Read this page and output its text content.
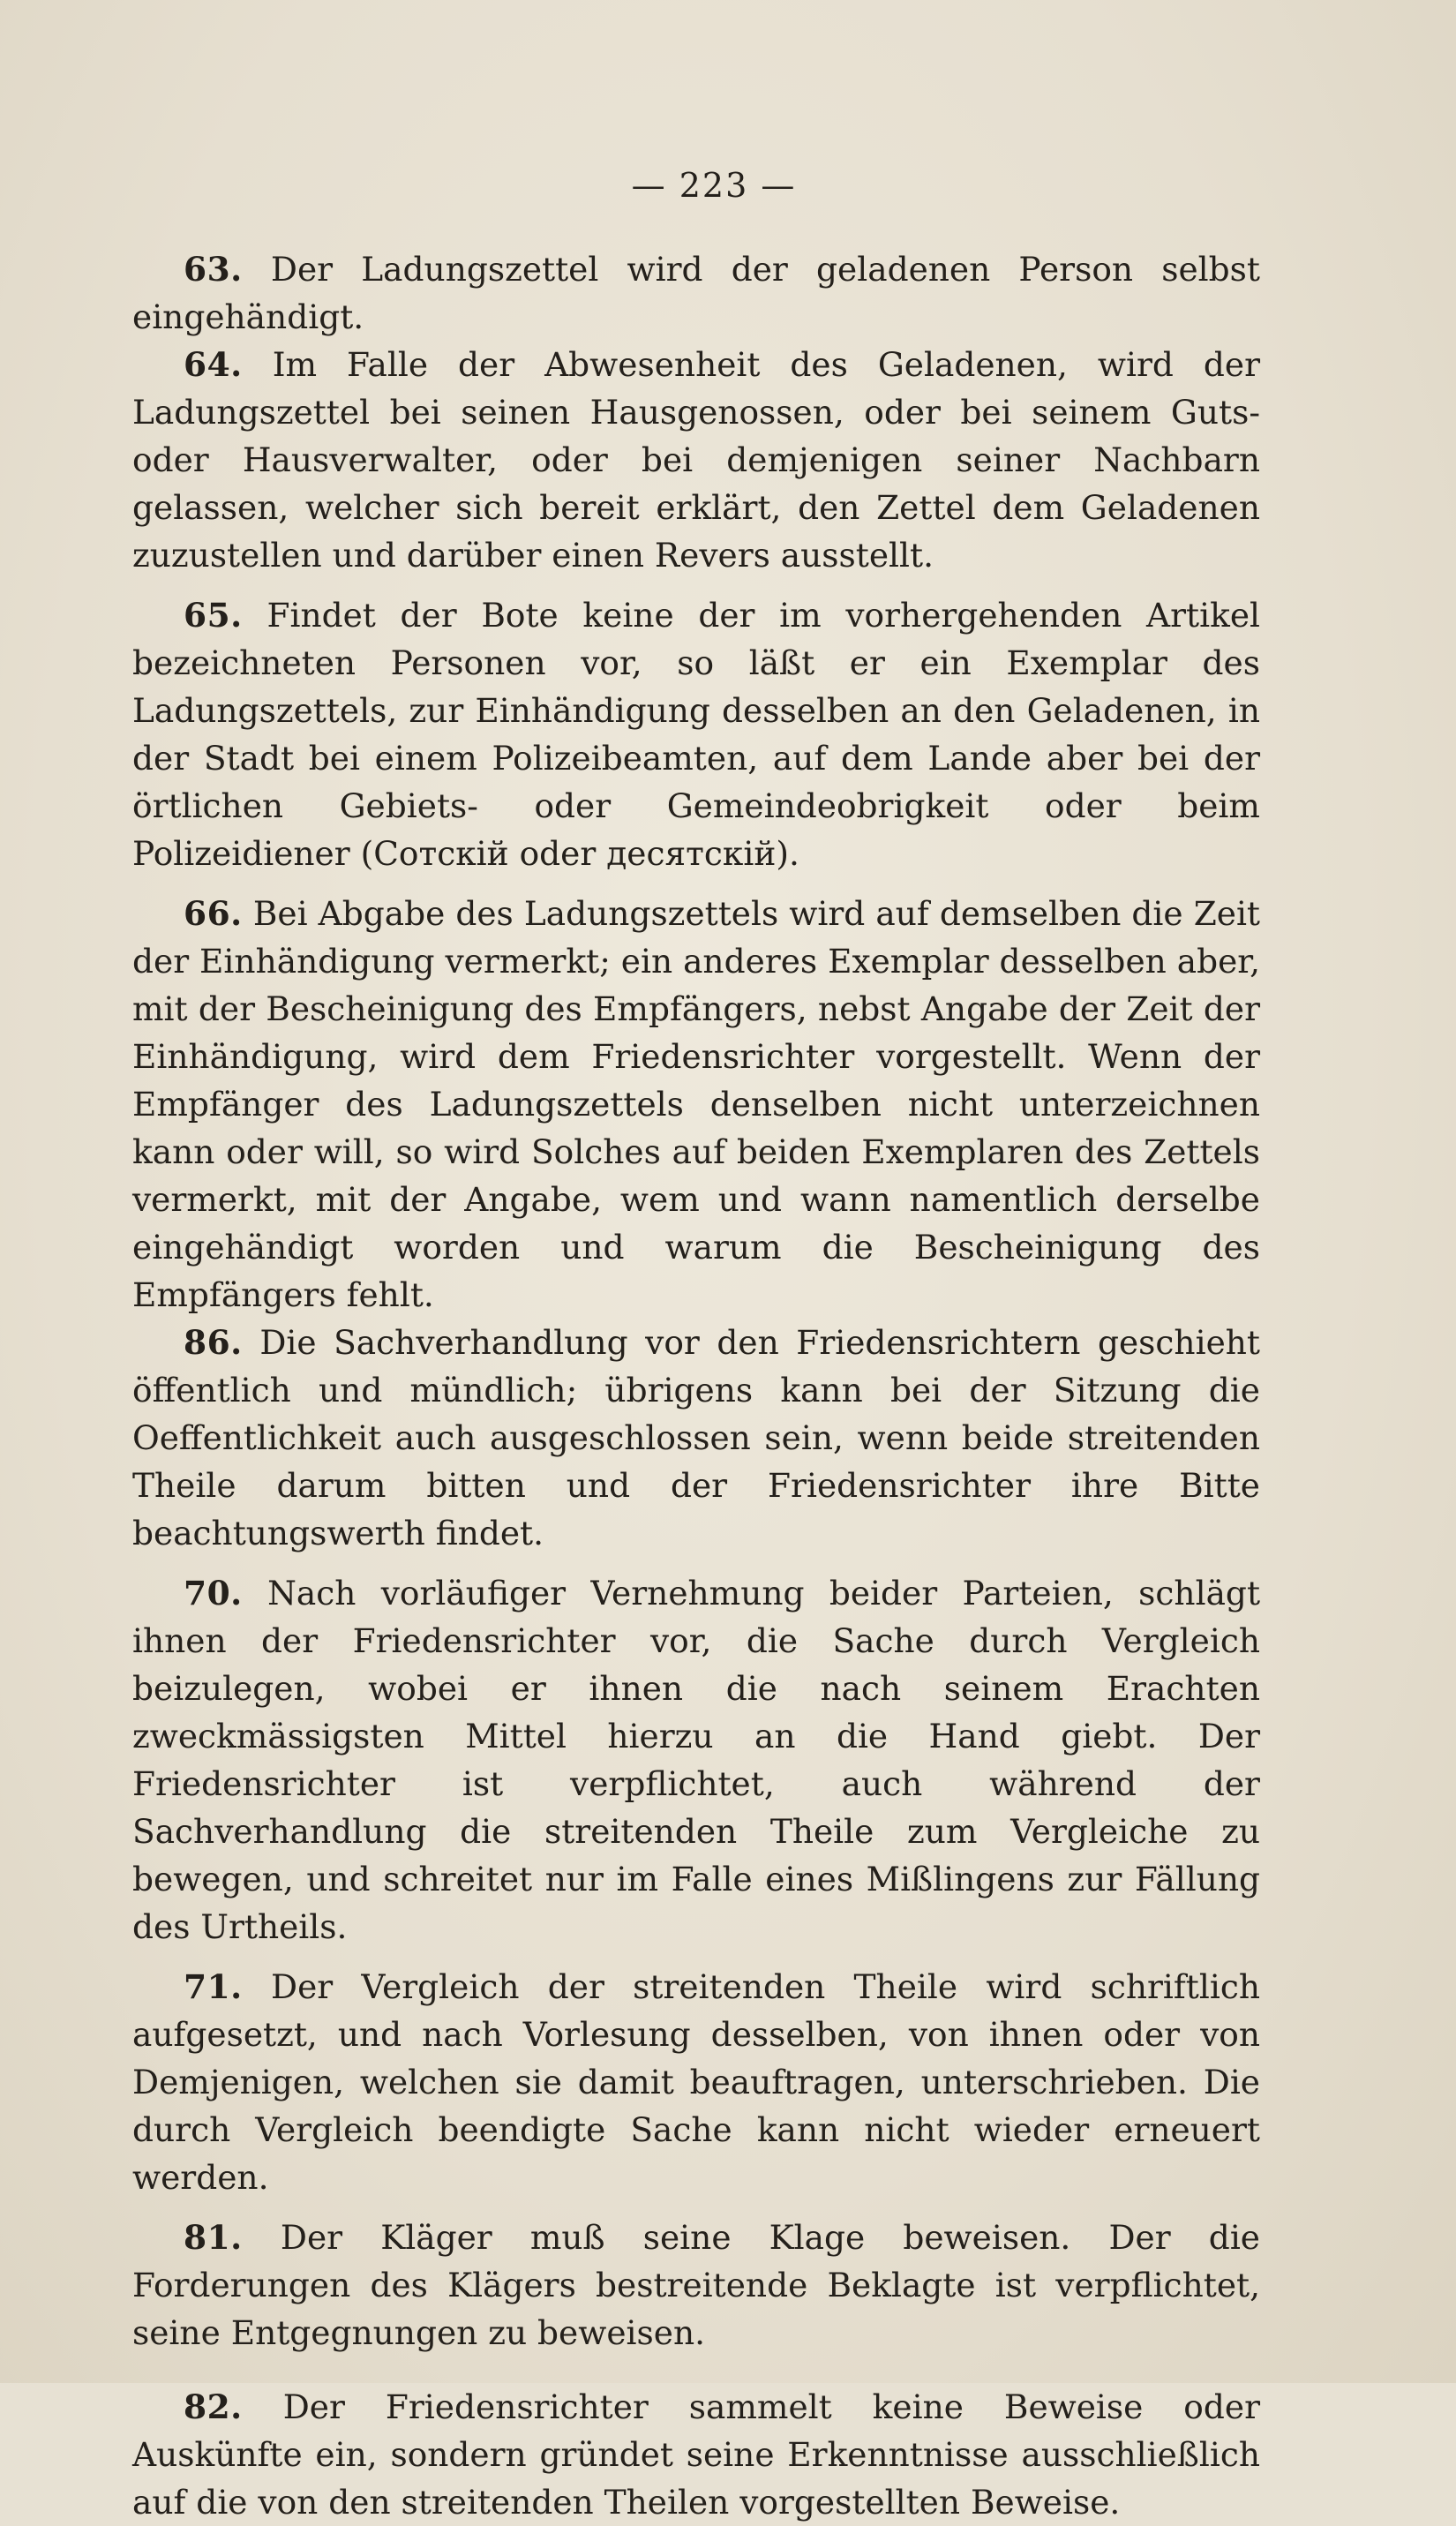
— 223 —

63. Der Ladungszettel wird der geladenen Person selbst eingehändigt.

64. Im Falle der Abwesenheit des Geladenen, wird der Ladungszettel bei seinen Hausgenossen, oder bei seinem Guts- oder Hausverwalter, oder bei demjenigen seiner Nachbarn gelassen, welcher sich bereit erklärt, den Zettel dem Geladenen zuzustellen und darüber einen Revers ausstellt.

65. Findet der Bote keine der im vorhergehenden Artikel bezeichneten Personen vor, so läßt er ein Exemplar des Ladungszettels, zur Einhändigung desselben an den Geladenen, in der Stadt bei einem Polizeibeamten, auf dem Lande aber bei der örtlichen Gebiets- oder Gemeindeobrigkeit oder beim Polizeidiener (Сотскій oder десятскій).

66. Bei Abgabe des Ladungszettels wird auf demselben die Zeit der Einhändigung vermerkt; ein anderes Exemplar desselben aber, mit der Bescheinigung des Empfängers, nebst Angabe der Zeit der Einhändigung, wird dem Friedensrichter vorgestellt. Wenn der Empfänger des Ladungszettels denselben nicht unterzeichnen kann oder will, so wird Solches auf beiden Exemplaren des Zettels vermerkt, mit der Angabe, wem und wann namentlich derselbe eingehändigt worden und warum die Bescheinigung des Empfängers fehlt.

86. Die Sachverhandlung vor den Friedensrichtern geschieht öffentlich und mündlich; übrigens kann bei der Sitzung die Oeffentlichkeit auch ausgeschlossen sein, wenn beide streitenden Theile darum bitten und der Friedensrichter ihre Bitte beachtungswerth findet.

70. Nach vorläufiger Vernehmung beider Parteien, schlägt ihnen der Friedensrichter vor, die Sache durch Vergleich beizulegen, wobei er ihnen die nach seinem Erachten zweckmässigsten Mittel hierzu an die Hand giebt. Der Friedensrichter ist verpflichtet, auch während der Sachverhandlung die streitenden Theile zum Vergleiche zu bewegen, und schreitet nur im Falle eines Mißlingens zur Fällung des Urtheils.

71. Der Vergleich der streitenden Theile wird schriftlich aufgesetzt, und nach Vorlesung desselben, von ihnen oder von Demjenigen, welchen sie damit beauftragen, unterschrieben. Die durch Vergleich beendigte Sache kann nicht wieder erneuert werden.

81. Der Kläger muß seine Klage beweisen. Der die Forderungen des Klägers bestreitende Beklagte ist verpflichtet, seine Entgegnungen zu beweisen.

82. Der Friedensrichter sammelt keine Beweise oder Auskünfte ein, sondern gründet seine Erkenntnisse ausschließlich auf die von den streitenden Theilen vorgestellten Beweise.
